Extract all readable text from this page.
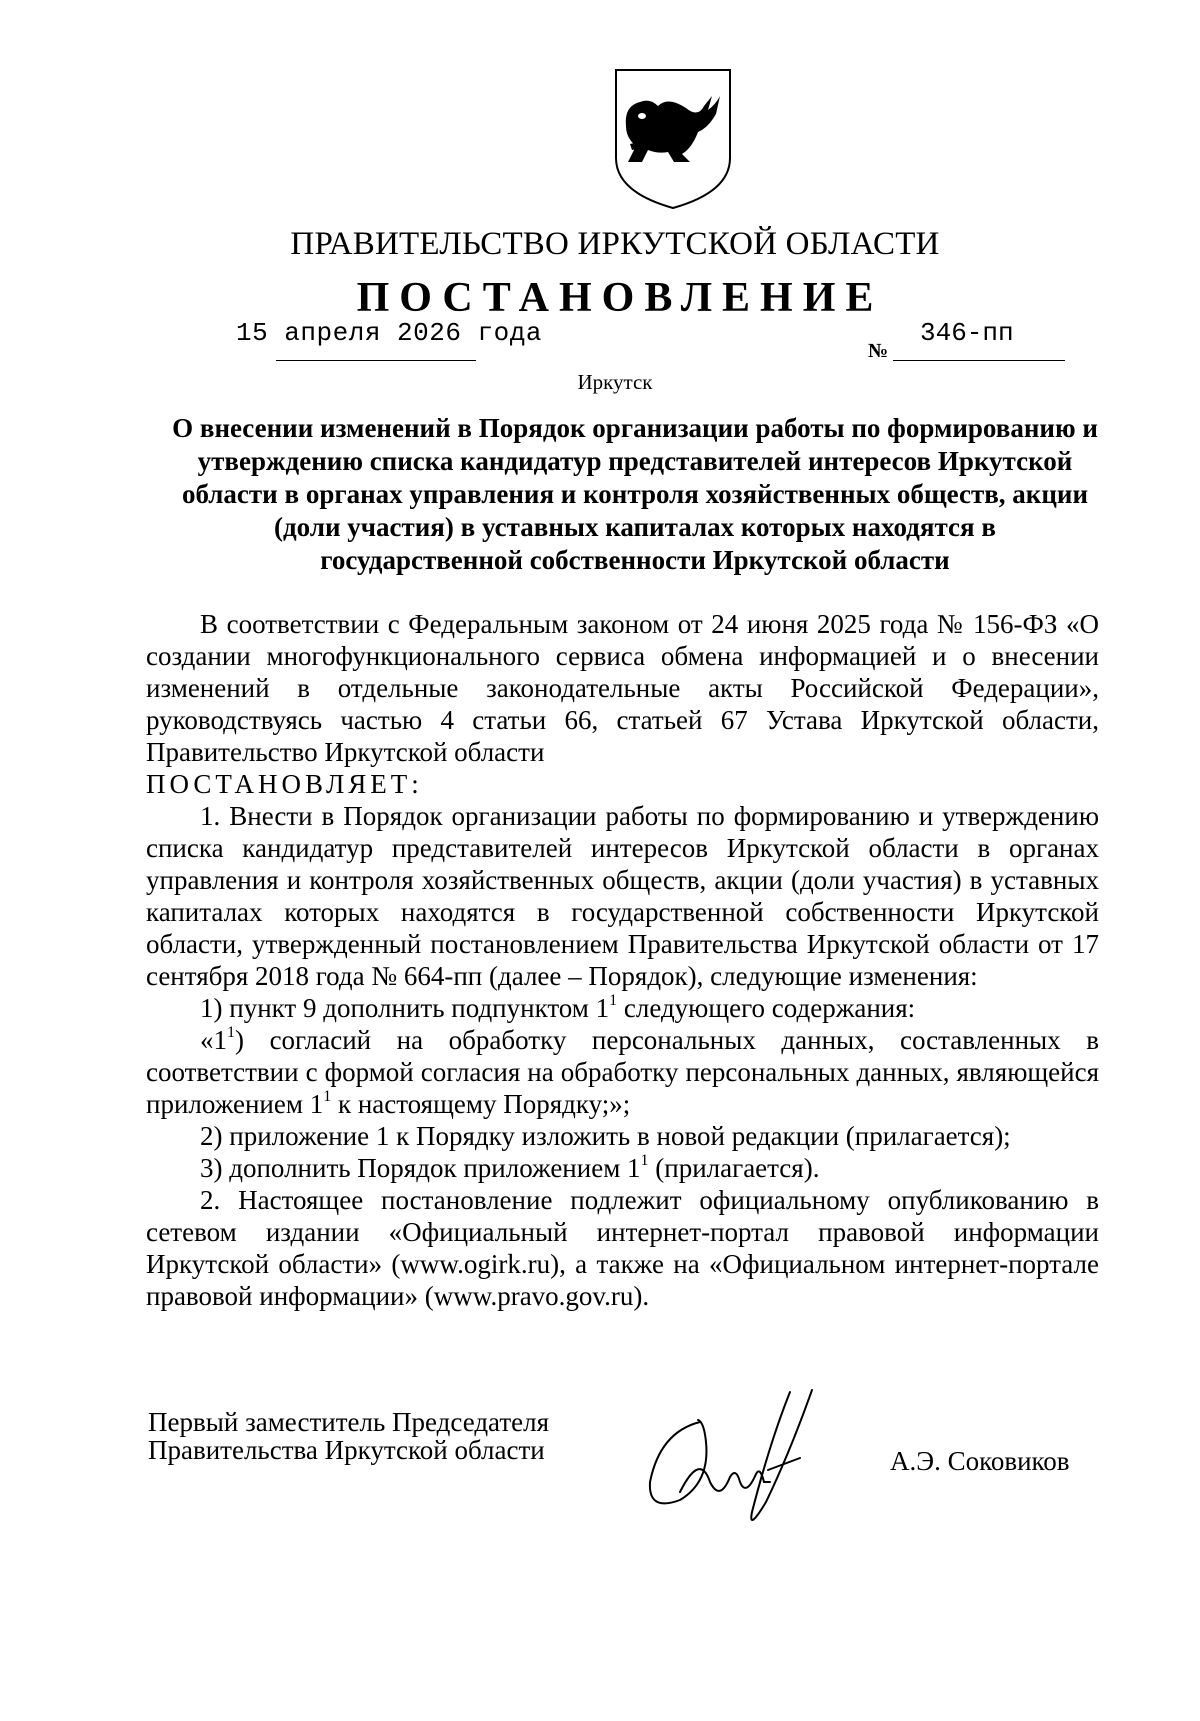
ПРАВИТЕЛЬСТВО ИРКУТСКОЙ ОБЛАСТИ
ПОСТАНОВЛЕНИЕ
15 апреля 2026 года
№
346-пп
Иркутск
О внесении изменений в Порядок организации работы по формированию и утверждению списка кандидатур представителей интересов Иркутской области в органах управления и контроля хозяйственных обществ, акции (доли участия) в уставных капиталах которых находятся в государственной собственности Иркутской области

В соответствии с Федеральным законом от 24 июня 2025 года № 156-ФЗ «О создании многофункционального сервиса обмена информацией и о внесении изменений в отдельные законодательные акты Российской Федерации», руководствуясь частью 4 статьи 66, статьей 67 Устава Иркутской области, Правительство Иркутской области

ПОСТАНОВЛЯЕТ:

1. Внести в Порядок организации работы по формированию и утверждению списка кандидатур представителей интересов Иркутской области в органах управления и контроля хозяйственных обществ, акции (доли участия) в уставных капиталах которых находятся в государственной собственности Иркутской области, утвержденный постановлением Правительства Иркутской области от 17 сентября 2018 года № 664-пп (далее – Порядок), следующие изменения:

1) пункт 9 дополнить подпунктом $1^1$ следующего содержания:

«$1^1$) согласий на обработку персональных данных, составленных в соответствии с формой согласия на обработку персональных данных, являющейся приложением $1^1$ к настоящему Порядку;»;

2) приложение 1 к Порядку изложить в новой редакции (прилагается);

3) дополнить Порядок приложением $1^1$ (прилагается).

2. Настоящее постановление подлежит официальному опубликованию в сетевом издании «Официальный интернет-портал правовой информации Иркутской области» (www.ogirk.ru), а также на «Официальном интернет-портале правовой информации» (www.pravo.gov.ru).

Первый заместитель Председателя
Правительства Иркутской области	А.Э. Соковиков
